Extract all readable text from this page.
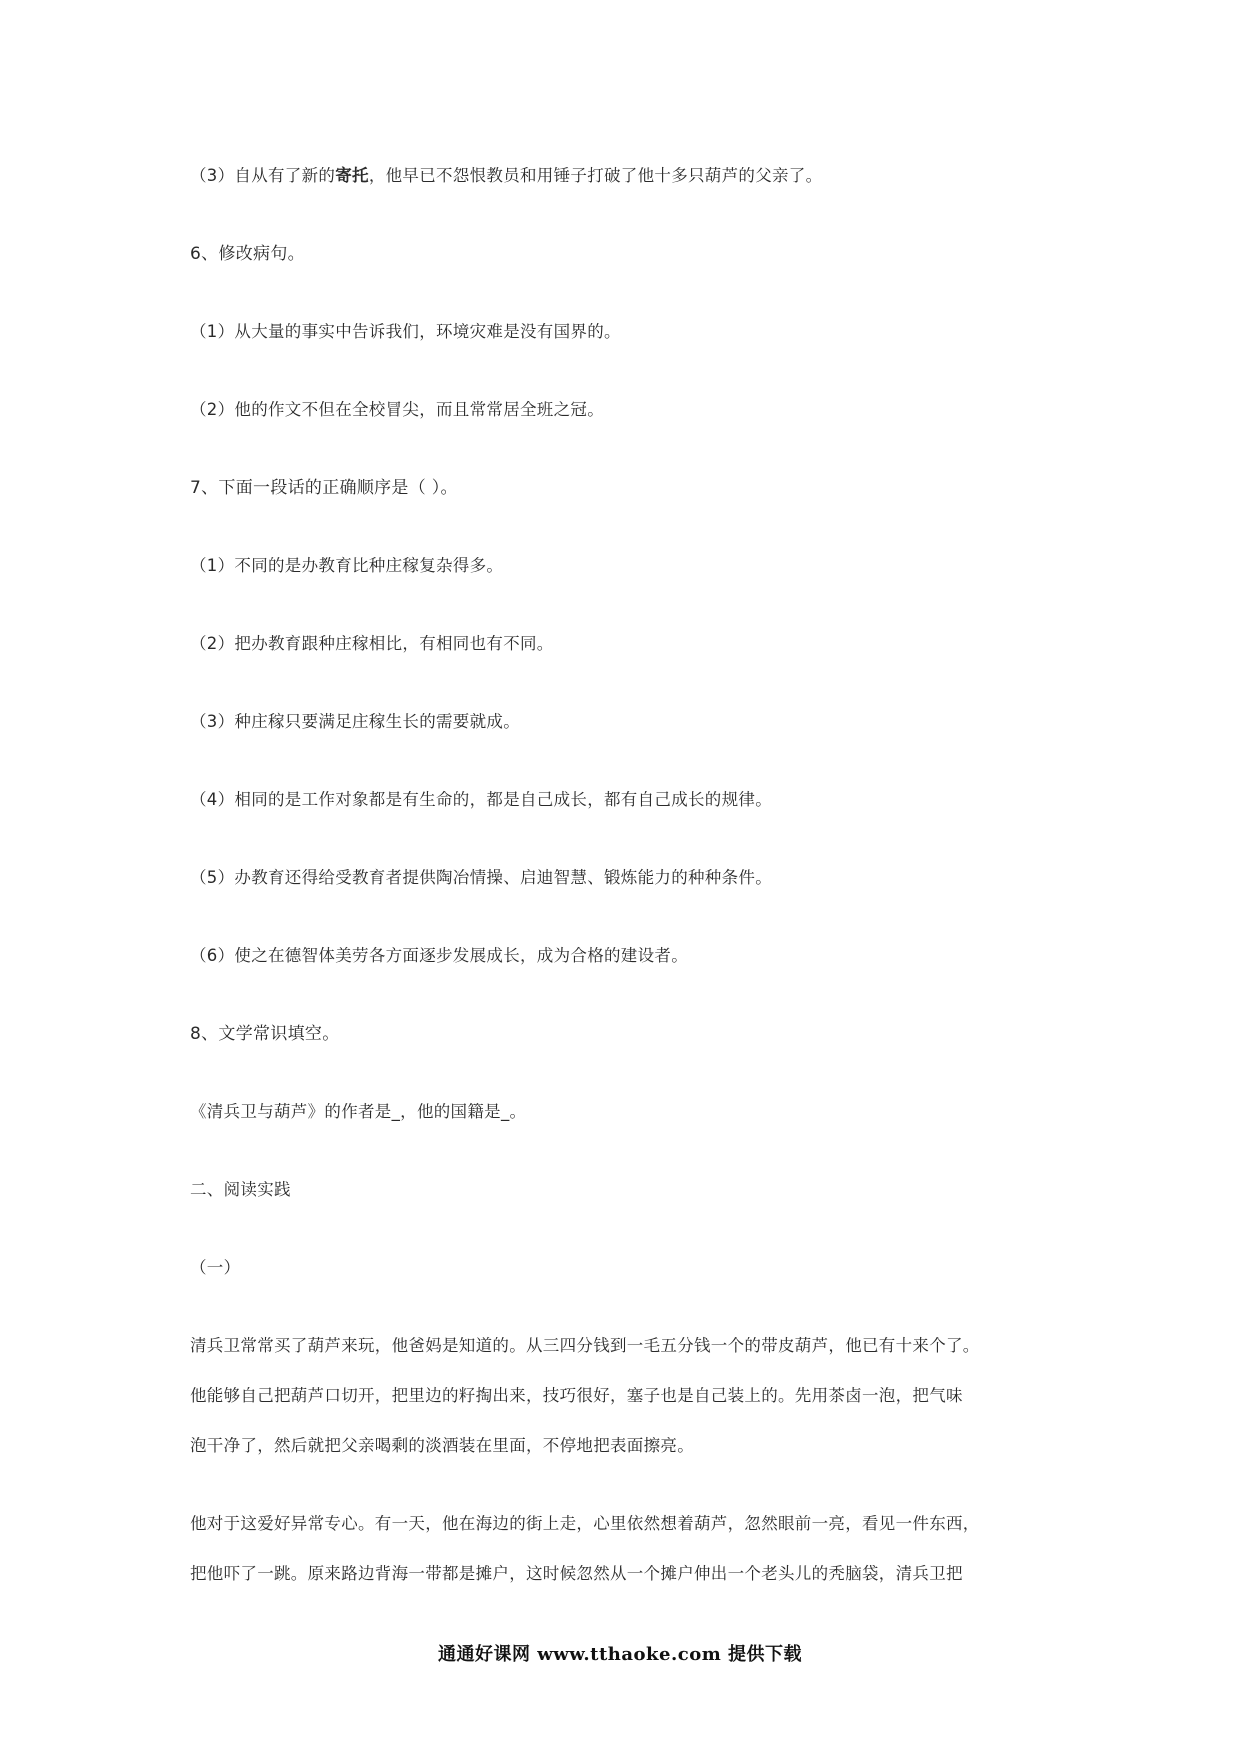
（3）自从有了新的寄托，他早已不怨恨教员和用锤子打破了他十多只葫芦的父亲了。
6、修改病句。
（1）从大量的事实中告诉我们，环境灾难是没有国界的。
（2）他的作文不但在全校冒尖，而且常常居全班之冠。
7、下面一段话的正确顺序是（ ）。
（1）不同的是办教育比种庄稼复杂得多。
（2）把办教育跟种庄稼相比，有相同也有不同。
（3）种庄稼只要满足庄稼生长的需要就成。
（4）相同的是工作对象都是有生命的，都是自己成长，都有自己成长的规律。
（5）办教育还得给受教育者提供陶冶情操、启迪智慧、锻炼能力的种种条件。
（6）使之在德智体美劳各方面逐步发展成长，成为合格的建设者。
8、文学常识填空。
《清兵卫与葫芦》的作者是_，他的国籍是_。
二、阅读实践
（一）
清兵卫常常买了葫芦来玩，他爸妈是知道的。从三四分钱到一毛五分钱一个的带皮葫芦，他已有十来个了。
他能够自己把葫芦口切开，把里边的籽掏出来，技巧很好，塞子也是自己装上的。先用茶卤一泡，把气味
泡干净了，然后就把父亲喝剩的淡酒装在里面，不停地把表面擦亮。
他对于这爱好异常专心。有一天，他在海边的街上走，心里依然想着葫芦，忽然眼前一亮，看见一件东西，
把他吓了一跳。原来路边背海一带都是摊户，这时候忽然从一个摊户伸出一个老头儿的秃脑袋，清兵卫把
通通好课网 www.tthaoke.com 提供下载
